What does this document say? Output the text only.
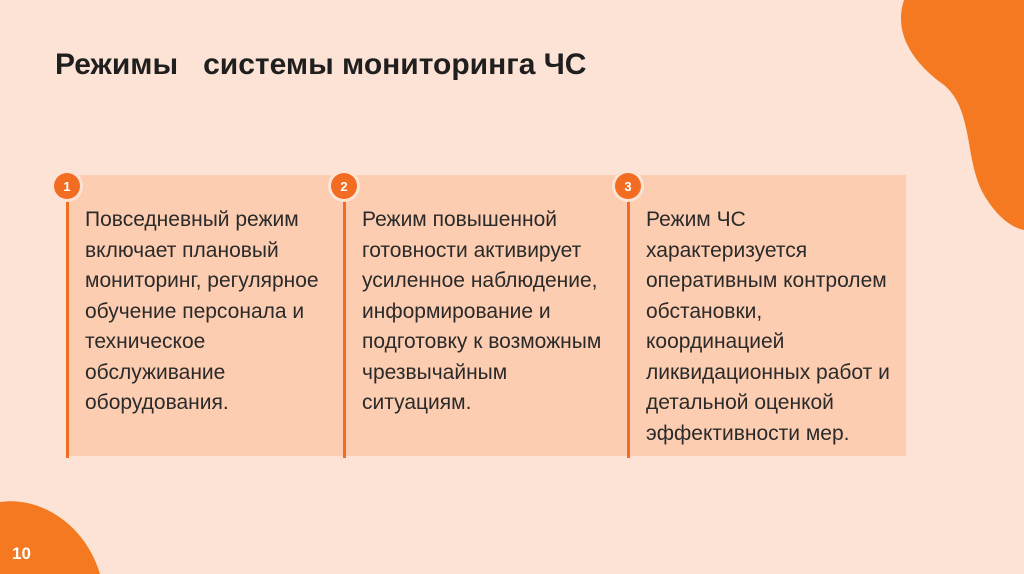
10
Режимы   системы мониторинга ЧС
1
Повседневный режим включает плановый мониторинг, регулярное обучение персонала и техническое обслуживание оборудования.
2
Режим повышенной готовности активирует усиленное наблюдение, информирование и подготовку к возможным чрезвычайным ситуациям.
3
Режим ЧС характеризуется оперативным контролем обстановки, координацией ликвидационных работ и детальной оценкой эффективности мер.
